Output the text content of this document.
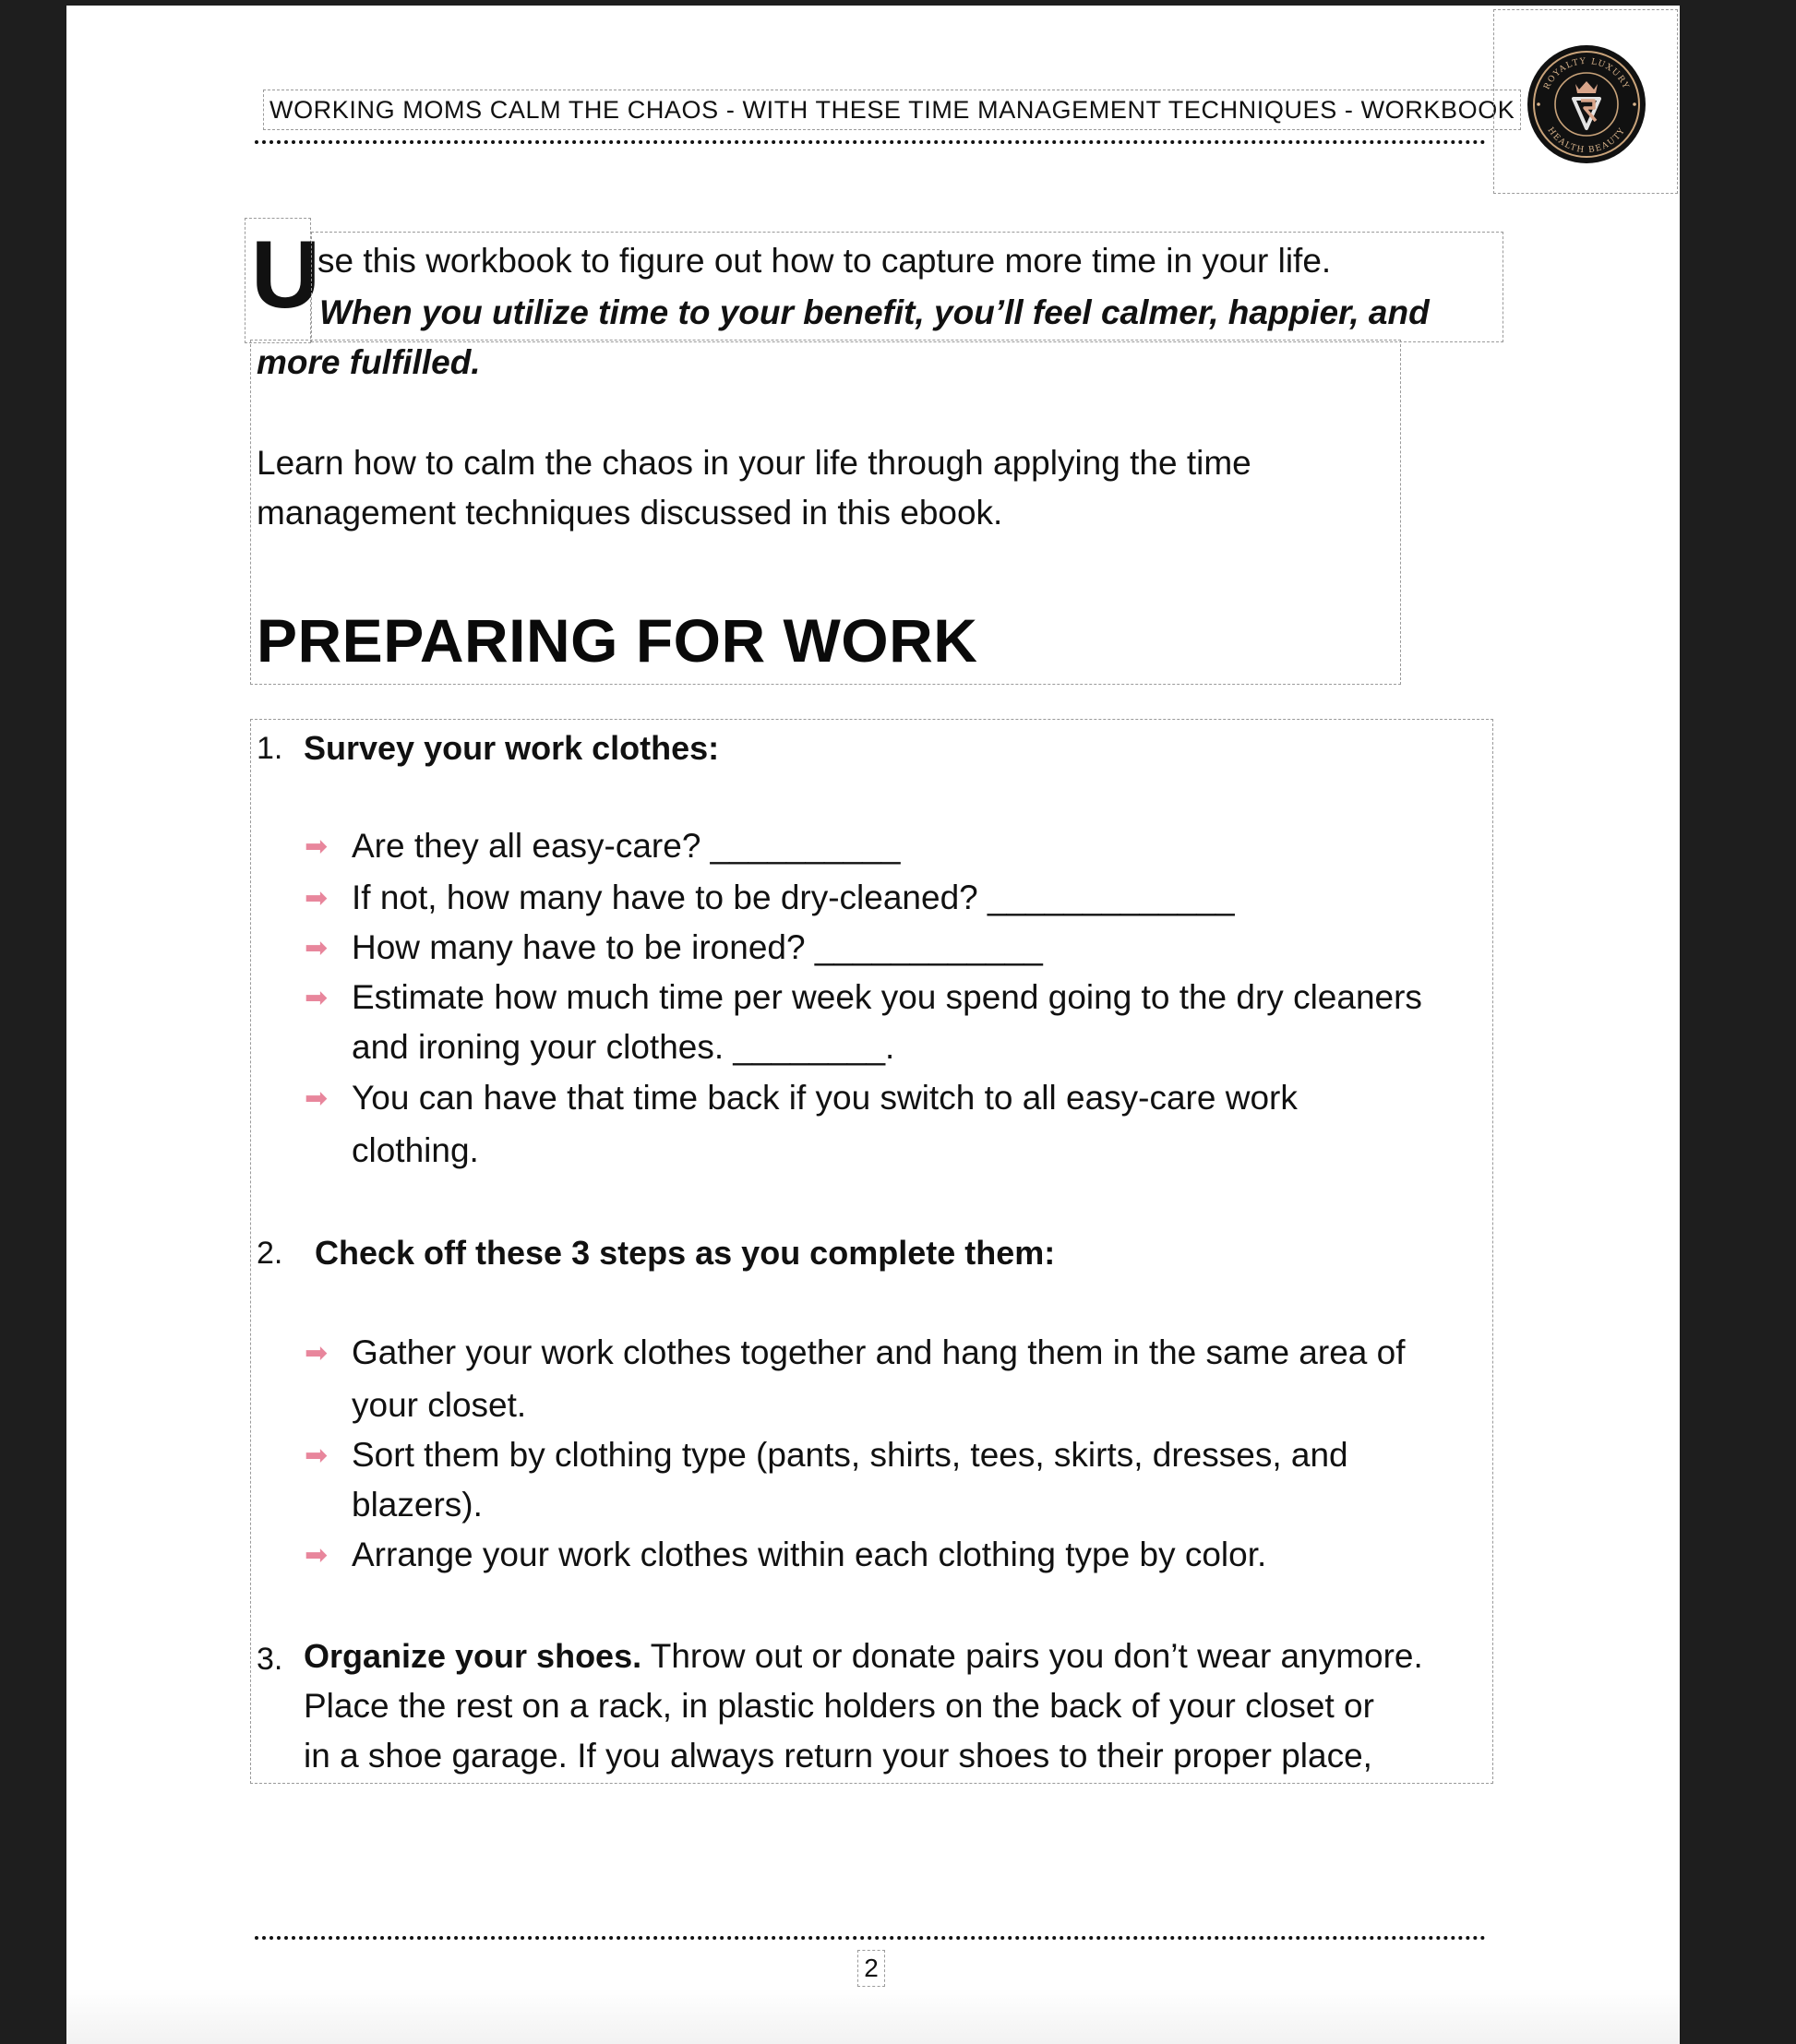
WORKING MOMS CALM THE CHAOS - WITH THESE TIME MANAGEMENT TECHNIQUES - WORKBOOK
ROYALTY LUXURY
HEALTH BEAUTY
U
se this workbook to figure out how to capture more time in your life.
When you utilize time to your benefit, you’ll feel calmer, happier, and
more fulfilled.
Learn how to calm the chaos in your life through applying the time
management techniques discussed in this ebook.
PREPARING FOR WORK
1. Survey your work clothes:
➡ Are they all easy-care? __________
➡ If not, how many have to be dry-cleaned? _____________
➡ How many have to be ironed? ____________
➡ Estimate how much time per week you spend going to the dry cleaners
and ironing your clothes. ________.
➡ You can have that time back if you switch to all easy-care work
clothing.
2. Check off these 3 steps as you complete them:
➡ Gather your work clothes together and hang them in the same area of
your closet.
➡ Sort them by clothing type (pants, shirts, tees, skirts, dresses, and
blazers).
➡ Arrange your work clothes within each clothing type by color.
3. Organize your shoes. Throw out or donate pairs you don’t wear anymore.
Place the rest on a rack, in plastic holders on the back of your closet or
in a shoe garage. If you always return your shoes to their proper place,
2
